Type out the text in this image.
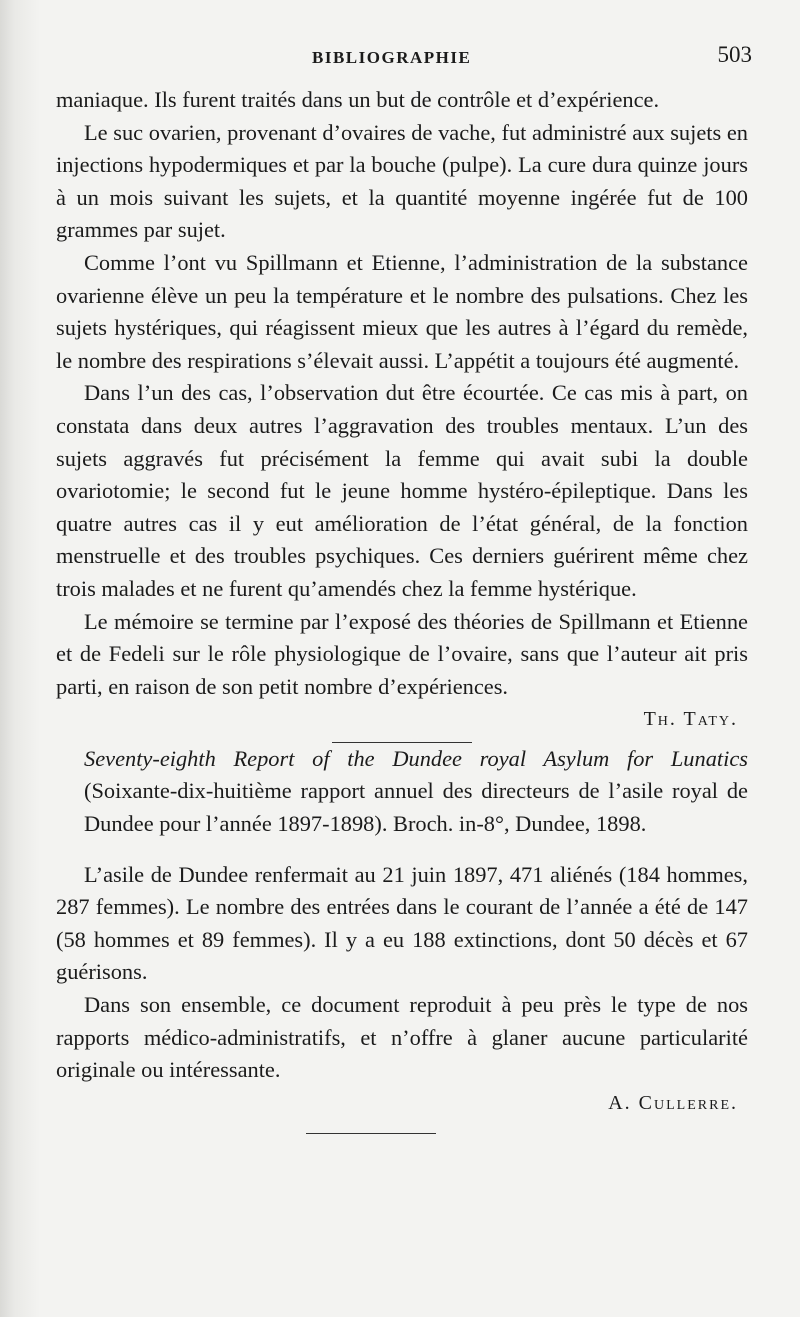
BIBLIOGRAPHIE	503

maniaque. Ils furent traités dans un but de contrôle et d’expérience.

Le suc ovarien, provenant d’ovaires de vache, fut administré aux sujets en injections hypodermiques et par la bouche (pulpe). La cure dura quinze jours à un mois suivant les sujets, et la quantité moyenne ingérée fut de 100 grammes par sujet.

Comme l’ont vu Spillmann et Etienne, l’administration de la substance ovarienne élève un peu la température et le nombre des pulsations. Chez les sujets hystériques, qui réagissent mieux que les autres à l’égard du remède, le nombre des respirations s’élevait aussi. L’appétit a toujours été augmenté.

Dans l’un des cas, l’observation dut être écourtée. Ce cas mis à part, on constata dans deux autres l’aggravation des troubles mentaux. L’un des sujets aggravés fut précisément la femme qui avait subi la double ovariotomie; le second fut le jeune homme hystéro-épileptique. Dans les quatre autres cas il y eut amélioration de l’état général, de la fonction menstruelle et des troubles psychiques. Ces derniers guérirent même chez trois malades et ne furent qu’amendés chez la femme hystérique.

Le mémoire se termine par l’exposé des théories de Spillmann et Etienne et de Fedeli sur le rôle physiologique de l’ovaire, sans que l’auteur ait pris parti, en raison de son petit nombre d’expériences.

Th. Taty.

Seventy-eighth Report of the Dundee royal Asylum for Lunatics (Soixante-dix-huitième rapport annuel des directeurs de l’asile royal de Dundee pour l’année 1897-1898). Broch. in-8°, Dundee, 1898.

L’asile de Dundee renfermait au 21 juin 1897, 471 aliénés (184 hommes, 287 femmes). Le nombre des entrées dans le courant de l’année a été de 147 (58 hommes et 89 femmes). Il y a eu 188 extinctions, dont 50 décès et 67 guérisons.

Dans son ensemble, ce document reproduit à peu près le type de nos rapports médico-administratifs, et n’offre à glaner aucune particularité originale ou intéressante.

A. Cullerre.
